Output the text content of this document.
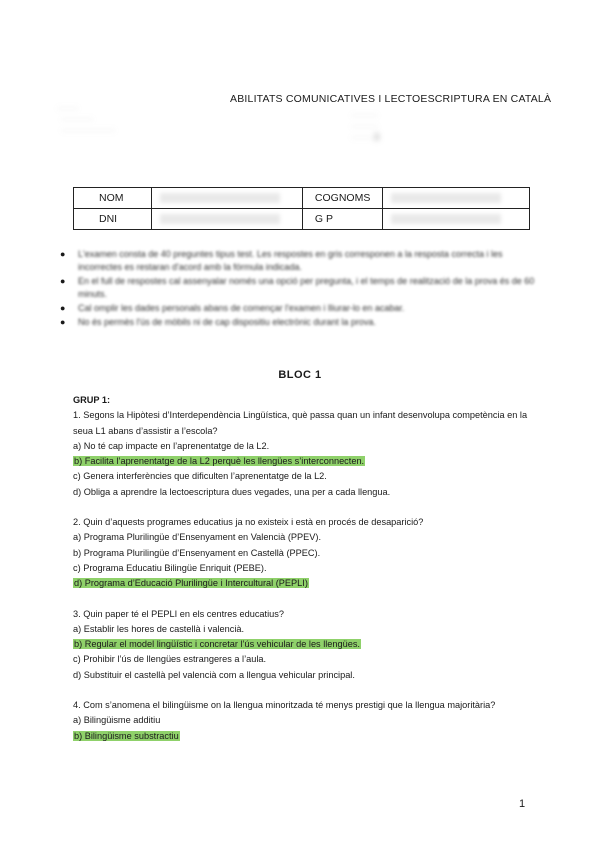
ABILITATS COMUNICATIVES I LECTOESCRIPTURA EN CATALÀ
· · · ·
· · · · · ·
· · · · · · · · · ·
· · · · ·
· · · · ·
· · · · 3
NOM		COGNOMS	
DNI		G P	
● L'examen consta de 40 preguntes tipus test. Les respostes en gris corresponen a la resposta correcta i les incorrectes es restaran d'acord amb la fórmula indicada.
● En el full de respostes cal assenyalar només una opció per pregunta, i el temps de realització de la prova és de 60 minuts.
● Cal omplir les dades personals abans de començar l'examen i lliurar-lo en acabar.
● No és permès l'ús de mòbils ni de cap dispositiu electrònic durant la prova.
BLOC 1

GRUP 1:

1. Segons la Hipòtesi d’Interdependència Lingüística, què passa quan un infant desenvolupa competència en la seua L1 abans d’assistir a l’escola?

a) No té cap impacte en l’aprenentatge de la L2.

b) Facilita l’aprenentatge de la L2 perquè les llengües s’interconnecten.

c) Genera interferències que dificulten l’aprenentatge de la L2.

d) Obliga a aprendre la lectoescriptura dues vegades, una per a cada llengua.

2. Quin d’aquests programes educatius ja no existeix i està en procés de desaparició?

a) Programa Plurilingüe d’Ensenyament en Valencià (PPEV).

b) Programa Plurilingüe d’Ensenyament en Castellà (PPEC).

c) Programa Educatiu Bilingüe Enriquit (PEBE).

d) Programa d’Educació Plurilingüe i Intercultural (PEPLI)

3. Quin paper té el PEPLI en els centres educatius?

a) Establir les hores de castellà i valencià.

b) Regular el model lingüístic i concretar l’ús vehicular de les llengües.

c) Prohibir l’ús de llengües estrangeres a l’aula.

d) Substituir el castellà pel valencià com a llengua vehicular principal.

4. Com s’anomena el bilingüisme on la llengua minoritzada té menys prestigi que la llengua majoritària?

a) Bilingüisme additiu

b) Bilingüisme substractiu

1
